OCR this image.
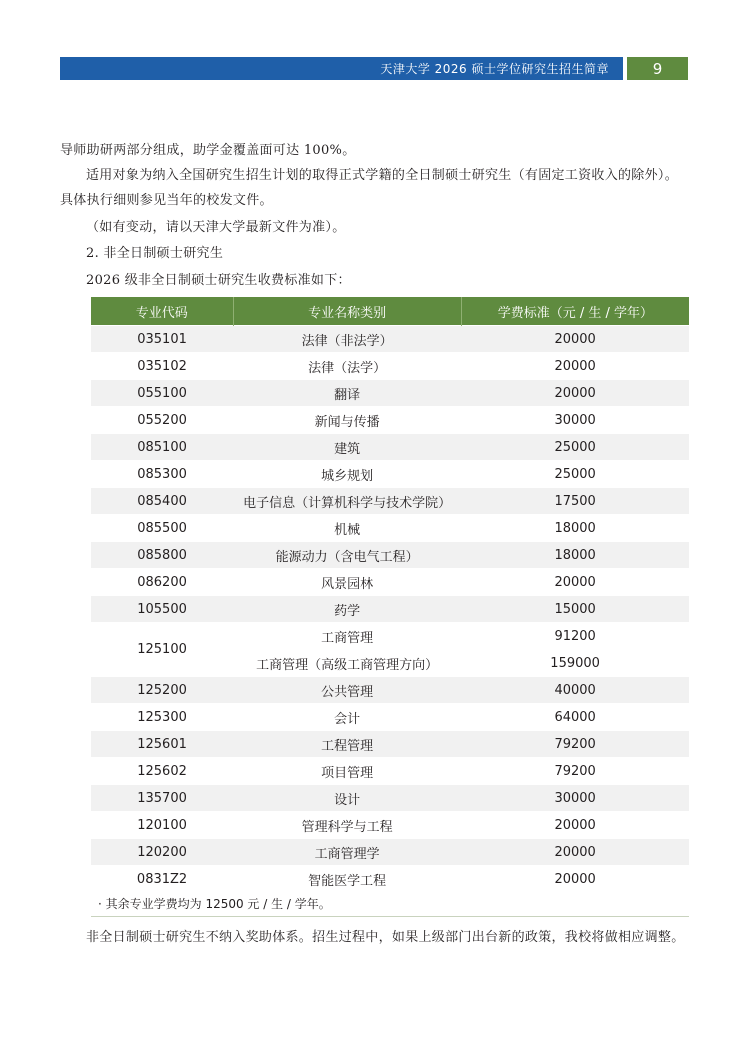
天津大学 2026 硕士学位研究生招生简章	9
导师助研两部分组成，助学金覆盖面可达 100%。
适用对象为纳入全国研究生招生计划的取得正式学籍的全日制硕士研究生（有固定工资收入的除外）。具体执行细则参见当年的校发文件。
（如有变动，请以天津大学最新文件为准）。
2. 非全日制硕士研究生
2026 级非全日制硕士研究生收费标准如下：
专业代码	专业名称类别	学费标准（元 / 生 / 学年）
035101	法律（非法学）	20000
035102	法律（法学）	20000
055100	翻译	20000
055200	新闻与传播	30000
085100	建筑	25000
085300	城乡规划	25000
085400	电子信息（计算机科学与技术学院）	17500
085500	机械	18000
085800	能源动力（含电气工程）	18000
086200	风景园林	20000
105500	药学	15000
125100	工商管理	91200
	工商管理（高级工商管理方向）	159000
125200	公共管理	40000
125300	会计	64000
125601	工程管理	79200
125602	项目管理	79200
135700	设计	30000
120100	管理科学与工程	20000
120200	工商管理学	20000
0831Z2	智能医学工程	20000
· 其余专业学费均为 12500 元 / 生 / 学年。
非全日制硕士研究生不纳入奖助体系。招生过程中，如果上级部门出台新的政策，我校将做相应调整。
